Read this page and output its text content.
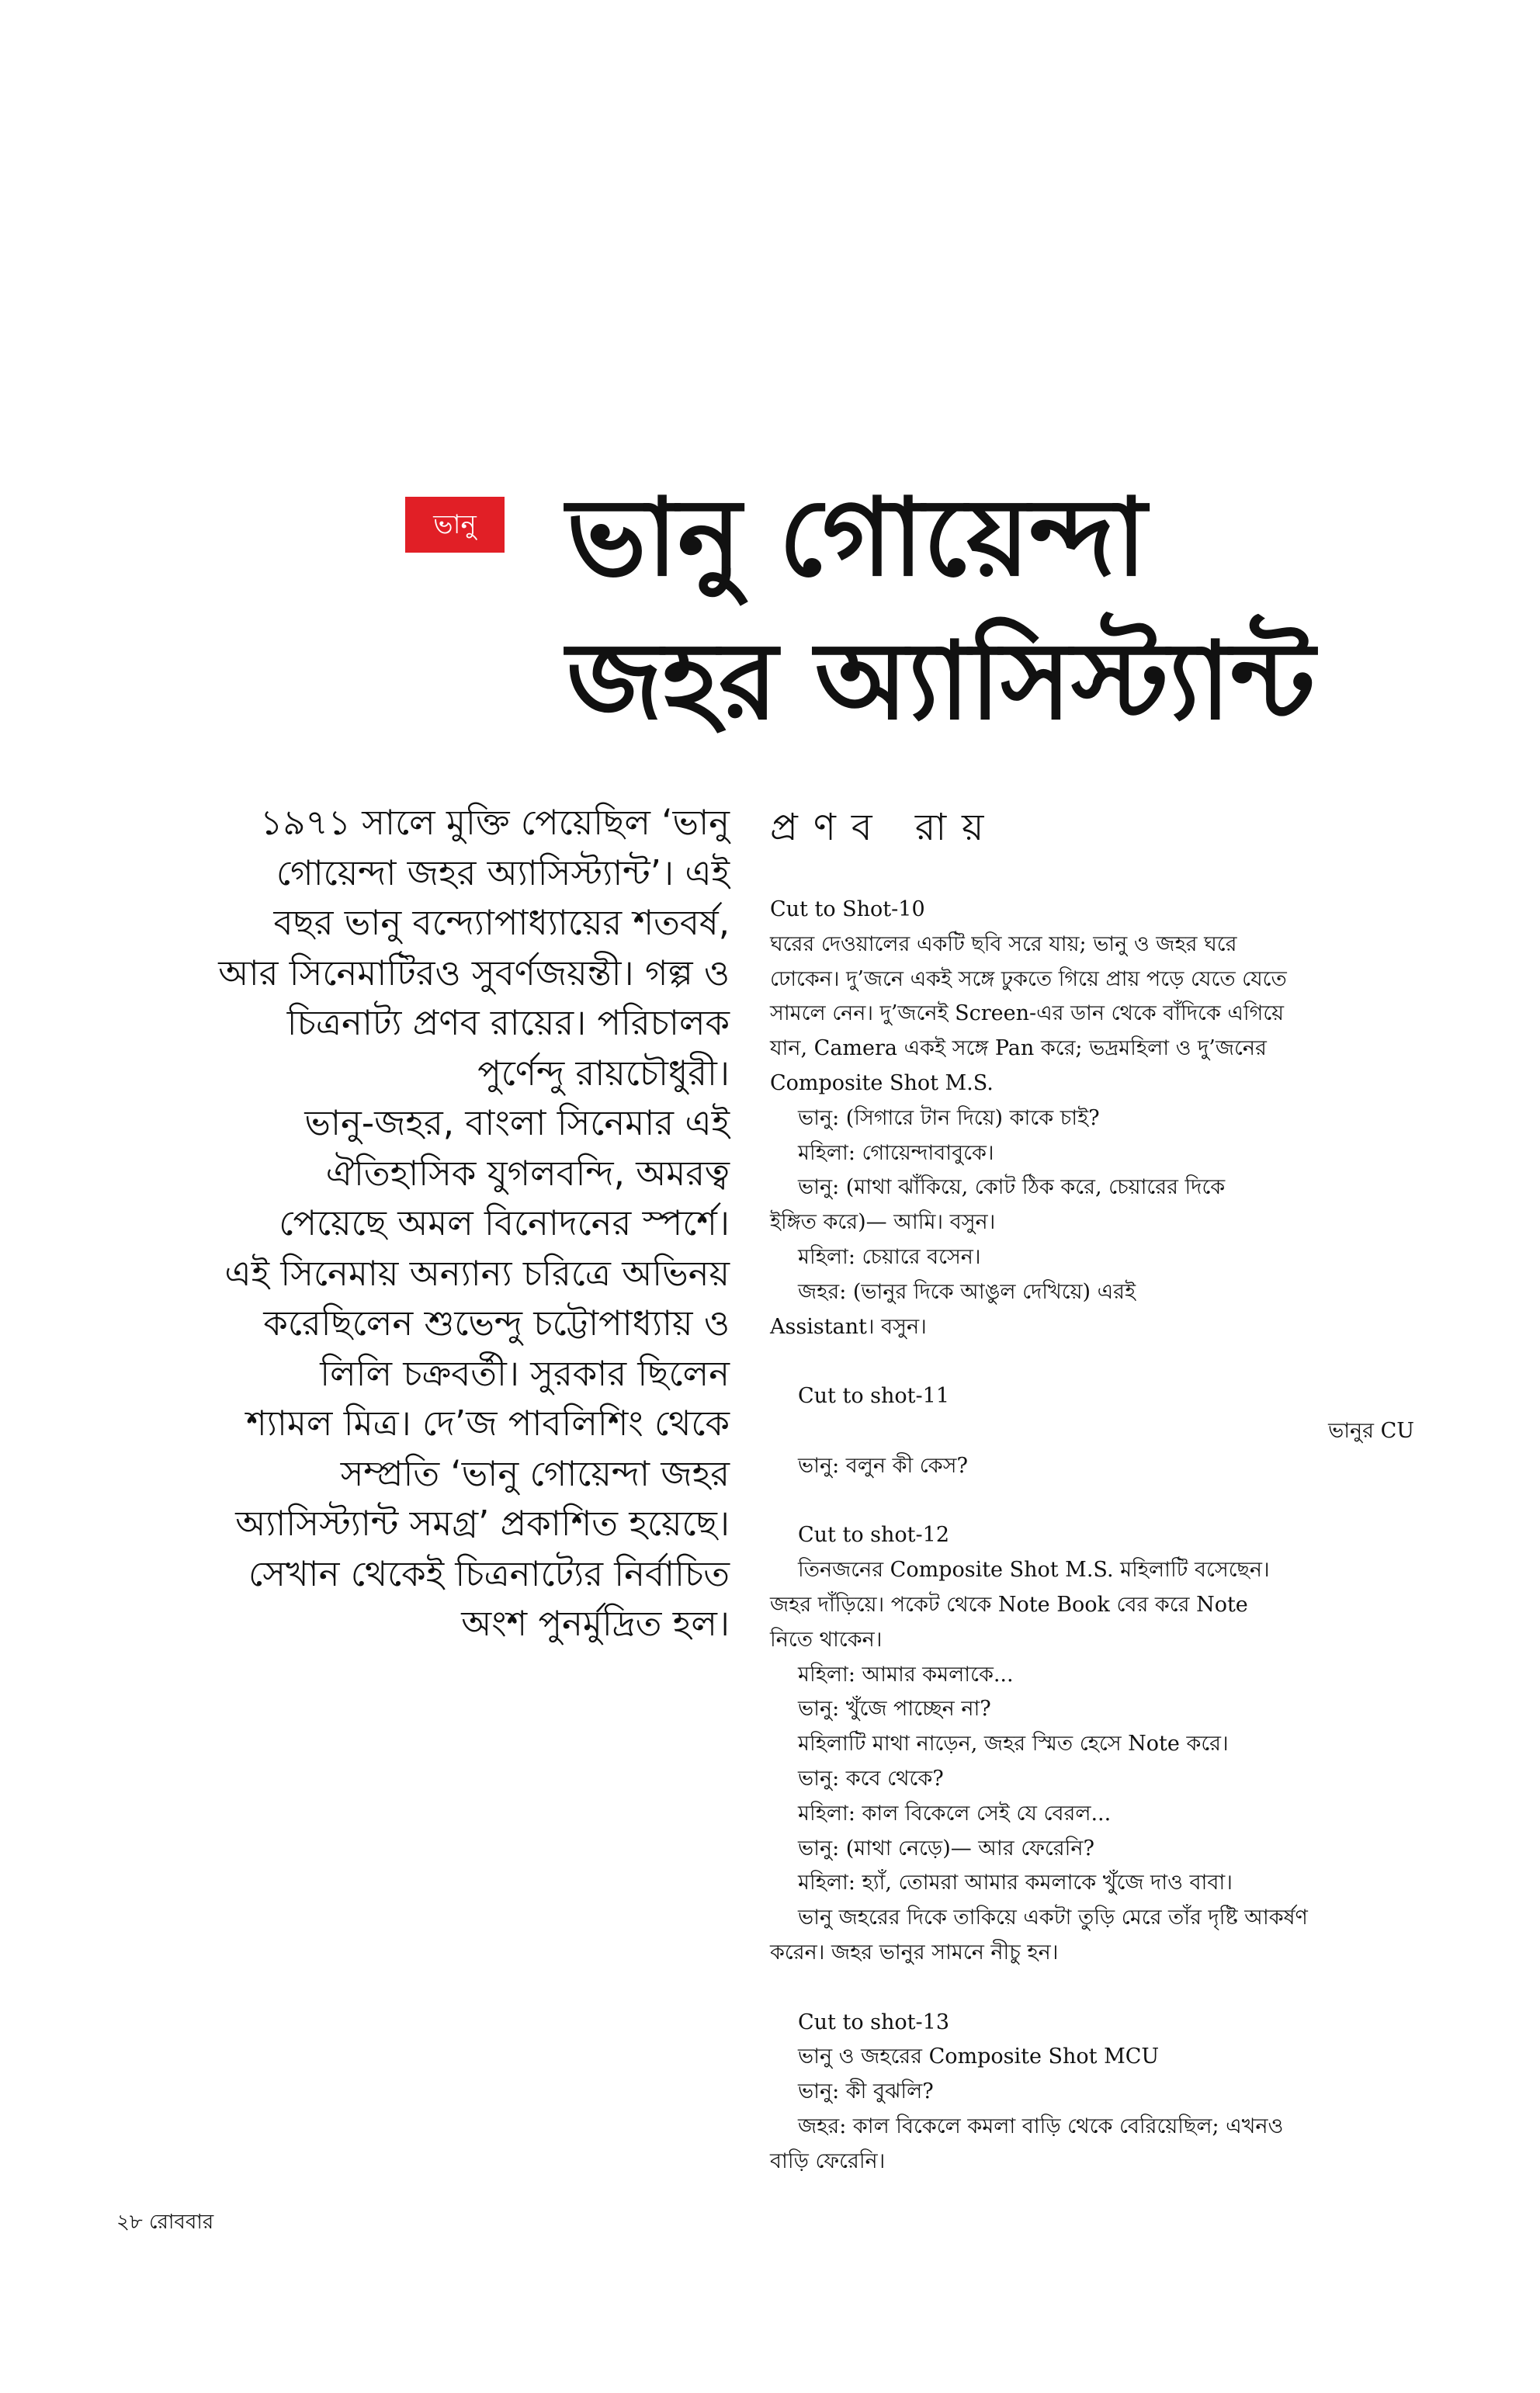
ভানু ভানু গোয়েন্দা
জহর অ্যাসিস্ট্যান্ট
১৯৭১ সালে মুক্তি পেয়েছিল ‘ভানু
গোয়েন্দা জহর অ্যাসিস্ট্যান্ট’। এই
বছর ভানু বন্দ্যোপাধ্যায়ের শতবর্ষ,
আর সিনেমাটিরও সুবর্ণজয়ন্তী। গল্প ও
চিত্রনাট্য প্রণব রায়ের। পরিচালক
পুর্ণেন্দু রায়চৌধুরী।
ভানু-জহর, বাংলা সিনেমার এই
ঐতিহাসিক যুগলবন্দি, অমরত্ব
পেয়েছে অমল বিনোদনের স্পর্শে।
এই সিনেমায় অন্যান্য চরিত্রে অভিনয়
করেছিলেন শুভেন্দু চট্টোপাধ্যায় ও
লিলি চক্রবর্তী। সুরকার ছিলেন
শ্যামল মিত্র। দে’জ পাবলিশিং থেকে
সম্প্রতি ‘ভানু গোয়েন্দা জহর
অ্যাসিস্ট্যান্ট সমগ্র’ প্রকাশিত হয়েছে।
সেখান থেকেই চিত্রনাট্যের নির্বাচিত
অংশ পুনর্মুদ্রিত হল।
প্রণব রায়
Cut to Shot-10
ঘরের দেওয়ালের একটি ছবি সরে যায়; ভানু ও জহর ঘরে
ঢোকেন। দু’জনে একই সঙ্গে ঢুকতে গিয়ে প্রায় পড়ে যেতে যেতে
সামলে নেন। দু’জনেই Screen-এর ডান থেকে বাঁদিকে এগিয়ে
যান, Camera একই সঙ্গে Pan করে; ভদ্রমহিলা ও দু’জনের
Composite Shot M.S.
ভানু: (সিগারে টান দিয়ে) কাকে চাই?
মহিলা: গোয়েন্দাবাবুকে।
ভানু: (মাথা ঝাঁকিয়ে, কোট ঠিক করে, চেয়ারের দিকে
ইঙ্গিত করে)— আমি। বসুন।
মহিলা: চেয়ারে বসেন।
জহর: (ভানুর দিকে আঙুল দেখিয়ে) এরই
Assistant। বসুন।
Cut to shot-11
ভানুর CU
ভানু: বলুন কী কেস?
Cut to shot-12
তিনজনের Composite Shot M.S. মহিলাটি বসেছেন।
জহর দাঁড়িয়ে। পকেট থেকে Note Book বের করে Note
নিতে থাকেন।
মহিলা: আমার কমলাকে...
ভানু: খুঁজে পাচ্ছেন না?
মহিলাটি মাথা নাড়েন, জহর স্মিত হেসে Note করে।
ভানু: কবে থেকে?
মহিলা: কাল বিকেলে সেই যে বেরল...
ভানু: (মাথা নেড়ে)— আর ফেরেনি?
মহিলা: হ্যাঁ, তোমরা আমার কমলাকে খুঁজে দাও বাবা।
ভানু জহরের দিকে তাকিয়ে একটা তুড়ি মেরে তাঁর দৃষ্টি আকর্ষণ
করেন। জহর ভানুর সামনে নীচু হন।
Cut to shot-13
ভানু ও জহরের Composite Shot MCU
ভানু: কী বুঝলি?
জহর: কাল বিকেলে কমলা বাড়ি থেকে বেরিয়েছিল; এখনও
বাড়ি ফেরেনি।
২৮ রোববার
